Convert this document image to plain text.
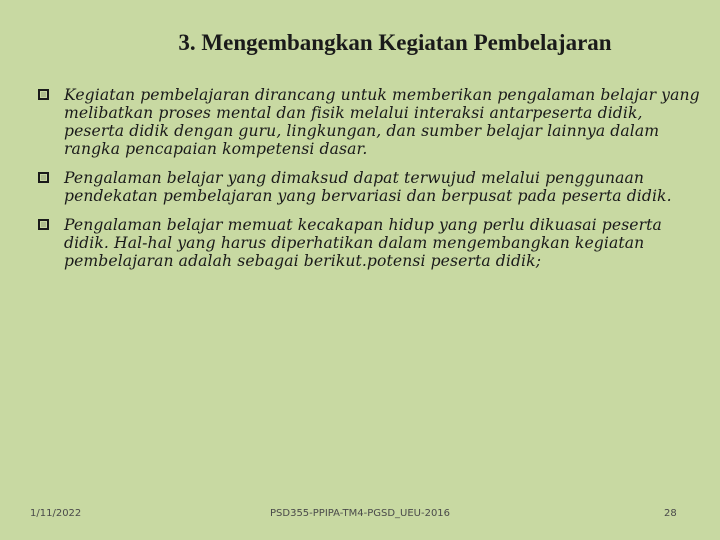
3. Mengembangkan Kegiatan Pembelajaran
Kegiatan pembelajaran dirancang untuk memberikan pengalaman belajar yang melibatkan proses mental dan fisik melalui interaksi antarpeserta didik, peserta didik dengan guru, lingkungan, dan sumber belajar lainnya dalam rangka pencapaian kompetensi dasar.
Pengalaman belajar yang dimaksud dapat terwujud melalui penggunaan pendekatan pembelajaran yang bervariasi dan berpusat pada peserta didik.
Pengalaman belajar memuat kecakapan hidup yang perlu dikuasai peserta didik. Hal-hal yang harus diperhatikan dalam mengembangkan kegiatan pembelajaran adalah sebagai berikut.potensi peserta didik;
1/11/2022	PSD355-PPIPA-TM4-PGSD_UEU-2016	28
